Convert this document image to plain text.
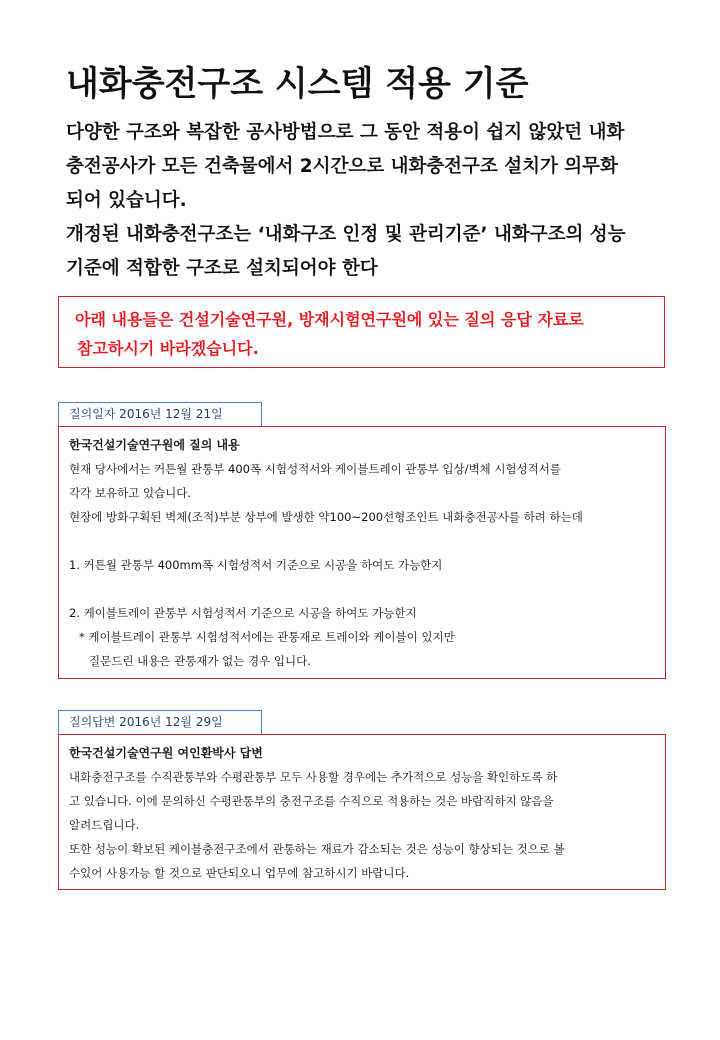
내화충전구조 시스템 적용 기준

다양한 구조와 복잡한 공사방법으로 그 동안 적용이 쉽지 않았던 내화

충전공사가 모든 건축물에서 2시간으로 내화충전구조 설치가 의무화

되어 있습니다.

개정된 내화충전구조는 ‘내화구조 인정 및 관리기준’ 내화구조의 성능

기준에 적합한 구조로 설치되어야 한다

아래 내용들은 건설기술연구원, 방재시험연구원에 있는 질의 응답 자료로

참고하시기 바라겠습니다.

질의일자 2016년 12월 21일

한국건설기술연구원에 질의 내용

현재 당사에서는 커튼월 관통부 400폭 시험성적서와 케이블트레이 관통부 입상/벽체 시험성적서를

각각 보유하고 있습니다.

현장에 방화구획된 벽체(조적)부분 상부에 발생한 약100~200선형조인트 내화충전공사를 하려 하는데

1. 커튼월 관통부 400mm폭 시험성적서 기준으로 시공을 하여도 가능한지

2. 케이블트레이 관통부 시험성적서 기준으로 시공을 하여도 가능한지

* 케이블트레이 관통부 시험성적서에는 관통재로 트레이와 케이블이 있지만

질문드린 내용은 관통재가 없는 경우 입니다.

질의답변 2016년 12월 29일

한국건설기술연구원 여인환박사 답변

내화충전구조를 수직관통부와 수평관통부 모두 사용할 경우에는 추가적으로 성능을 확인하도록 하

고 있습니다. 이에 문의하신 수평관통부의 충전구조를 수직으로 적용하는 것은 바람직하지 않음을

알려드립니다.

또한 성능이 확보된 케이블충전구조에서 관통하는 재료가 감소되는 것은 성능이 향상되는 것으로 볼

수있어 사용가능 할 것으로 판단되오니 업무에 참고하시기 바랍니다.
